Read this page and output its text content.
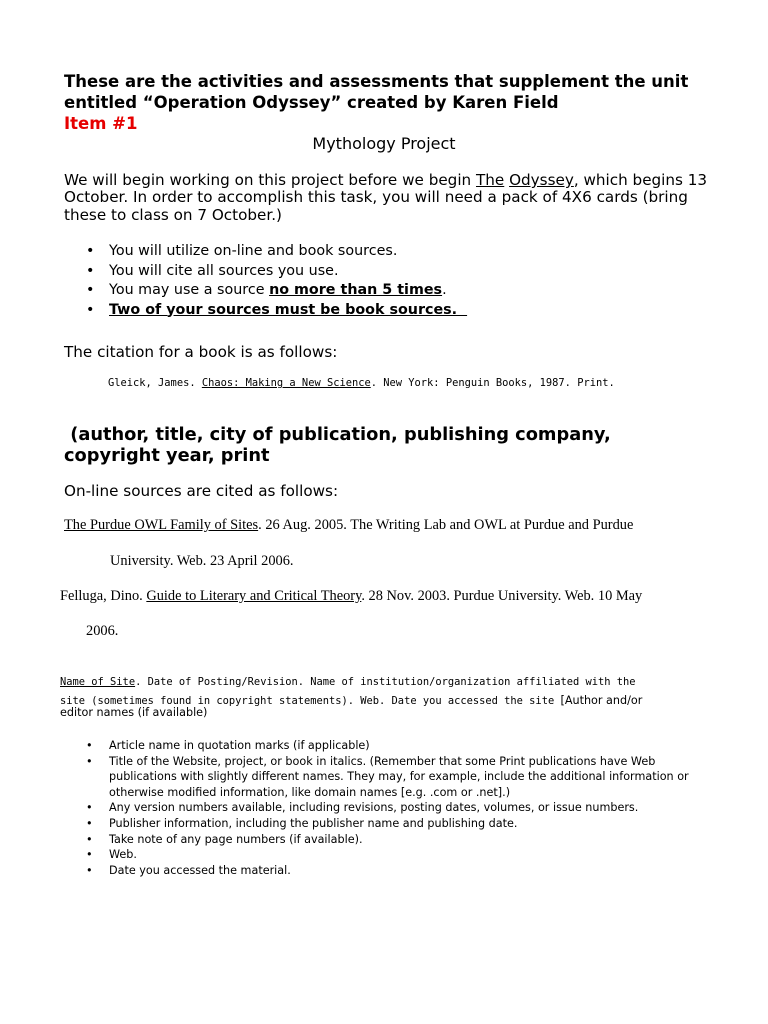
These are the activities and assessments that supplement the unit
entitled “Operation Odyssey” created by Karen Field
Item #1
Mythology Project
We will begin working on this project before we begin The Odyssey, which begins 13
October. In order to accomplish this task, you will need a pack of 4X6 cards (bring
these to class on 7 October.)
• You will utilize on-line and book sources.
• You will cite all sources you use.
• You may use a source no more than 5 times.
• Two of your sources must be book sources.
The citation for a book is as follows:
Gleick, James. Chaos: Making a New Science. New York: Penguin Books, 1987. Print.
(author, title, city of publication, publishing company,
copyright year, print
On-line sources are cited as follows:
The Purdue OWL Family of Sites. 26 Aug. 2005. The Writing Lab and OWL at Purdue and Purdue
University. Web. 23 April 2006.
Felluga, Dino. Guide to Literary and Critical Theory. 28 Nov. 2003. Purdue University. Web. 10 May
2006.
Name of Site. Date of Posting/Revision. Name of institution/organization affiliated with the
site (sometimes found in copyright statements). Web. Date you accessed the site [Author and/or
editor names (if available)
• Article name in quotation marks (if applicable)
• Title of the Website, project, or book in italics. (Remember that some Print publications have Web
publications with slightly different names. They may, for example, include the additional information or
otherwise modified information, like domain names [e.g. .com or .net].)
• Any version numbers available, including revisions, posting dates, volumes, or issue numbers.
• Publisher information, including the publisher name and publishing date.
• Take note of any page numbers (if available).
• Web.
• Date you accessed the material.
